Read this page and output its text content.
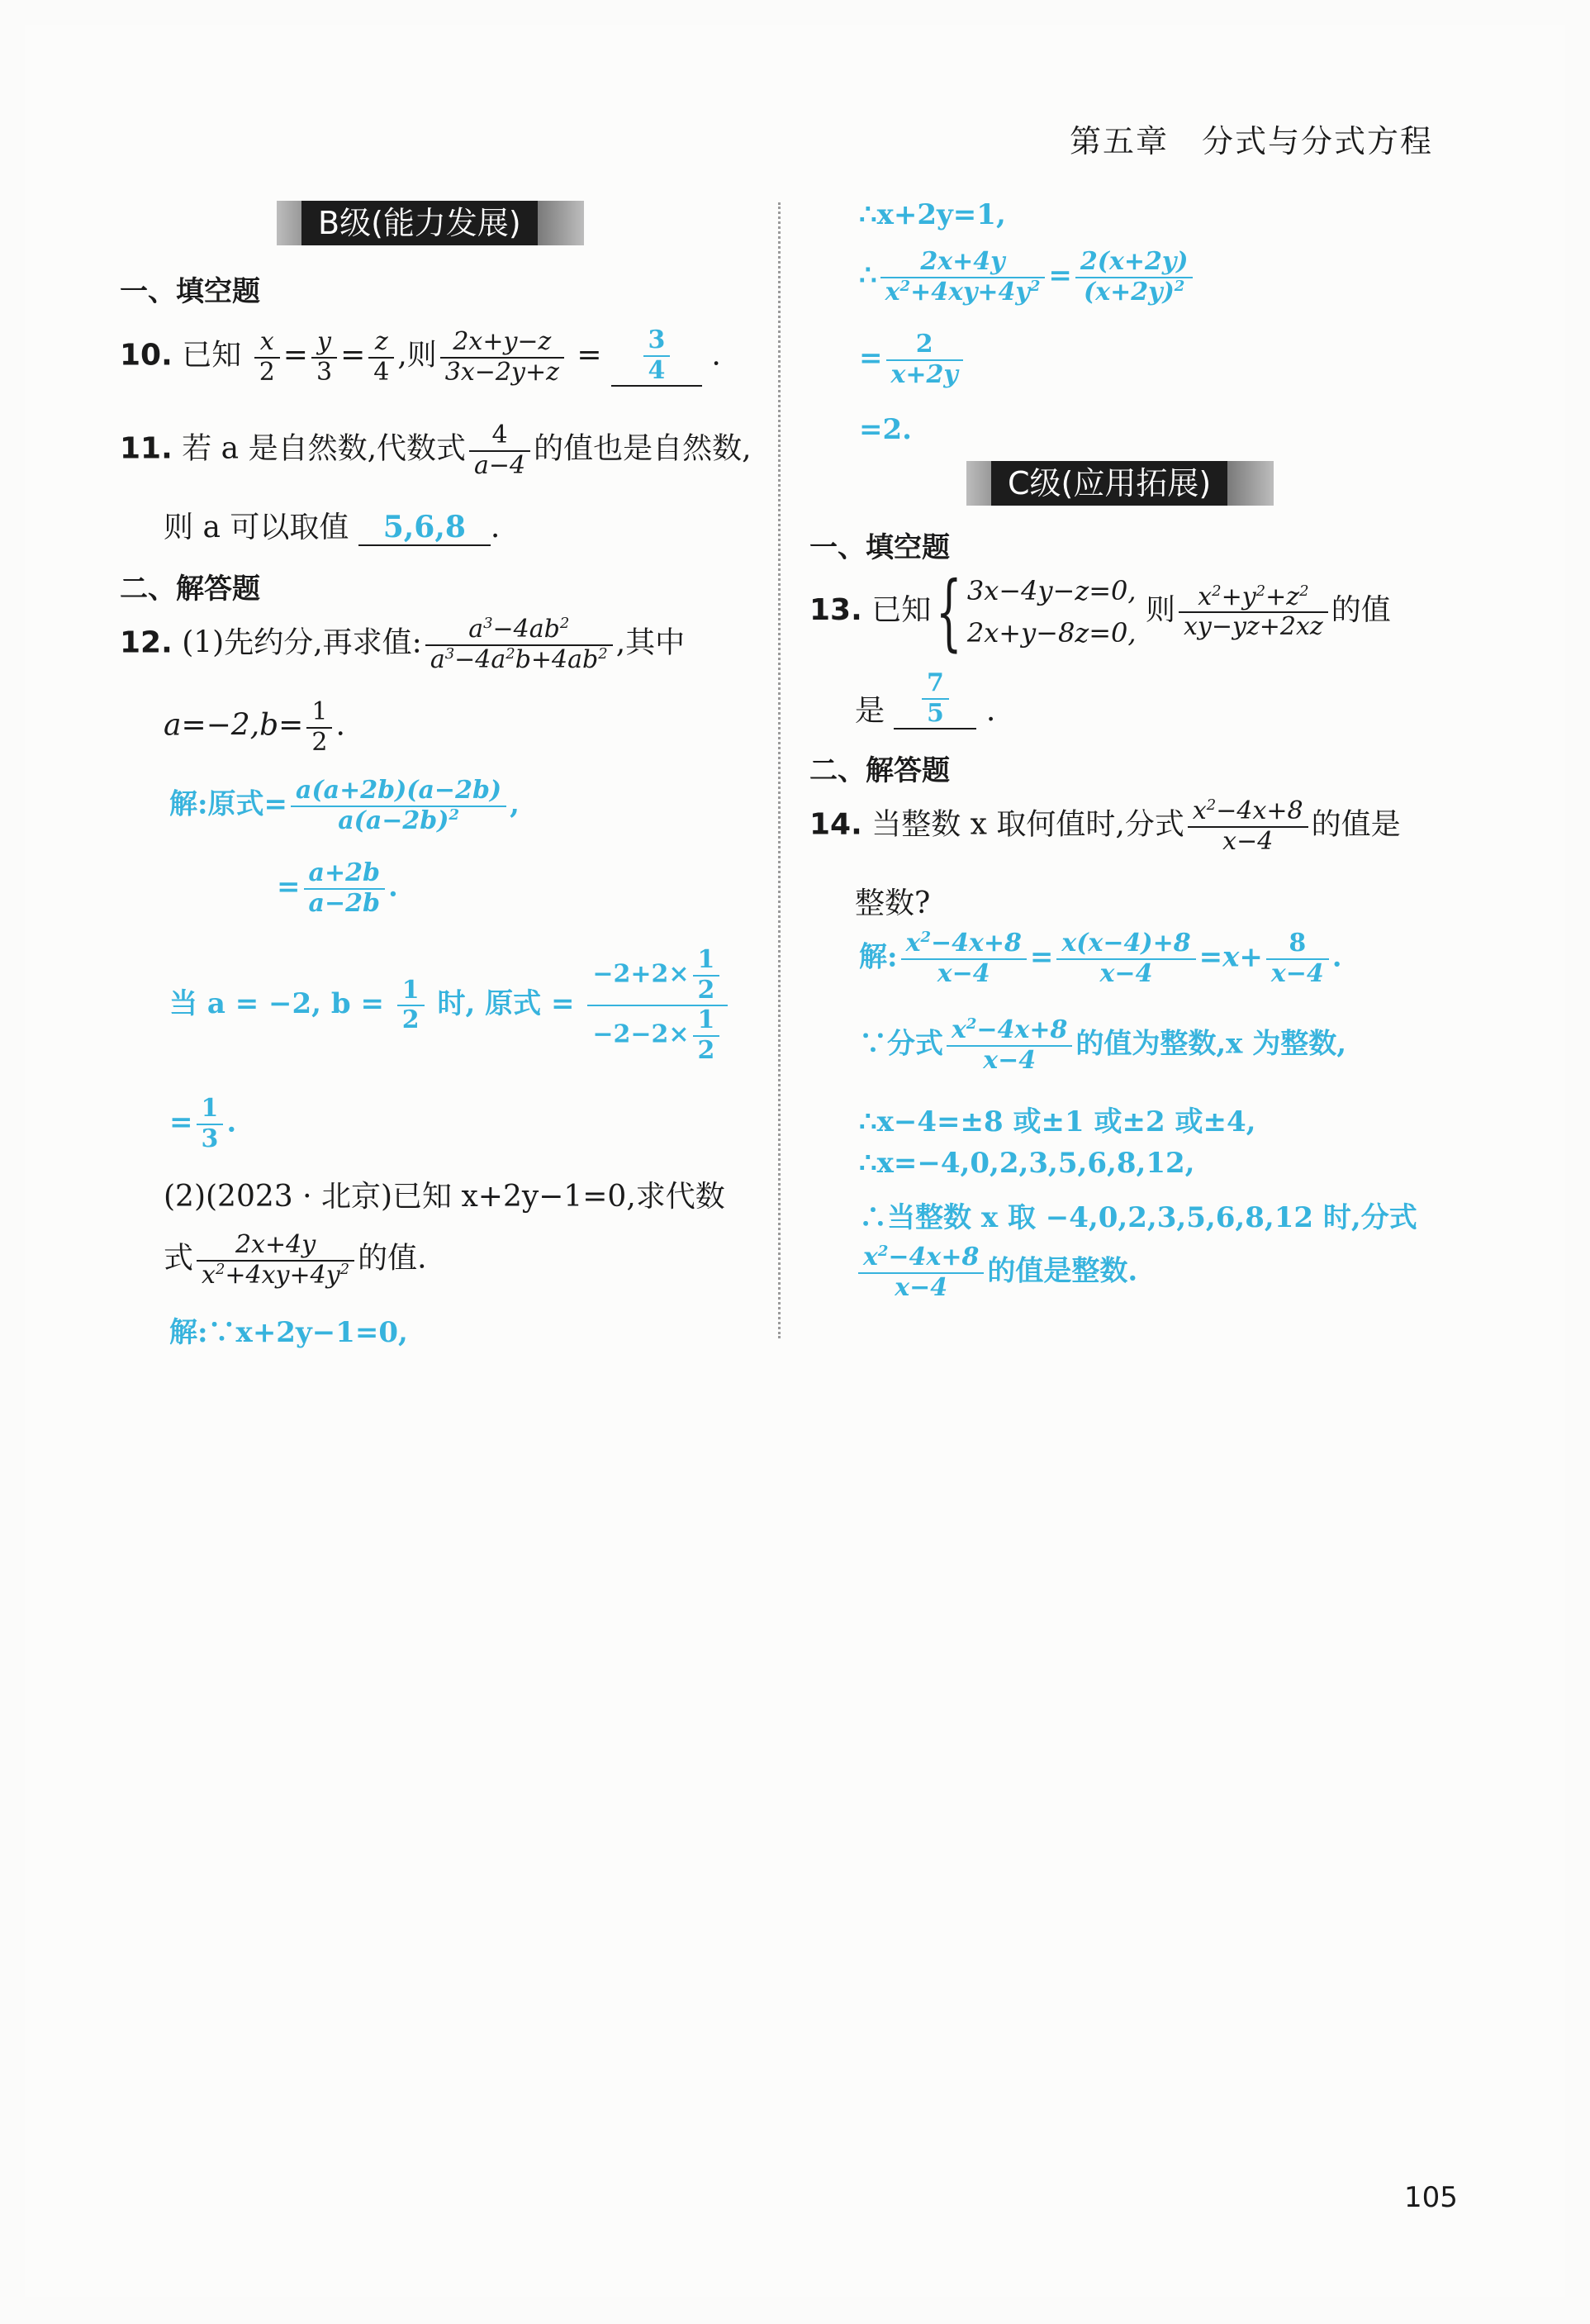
第五章 分式与分式方程
B级(能力发展)
一、填空题
10. 已知 $\frac{x}{2} = \frac{y}{3} = \frac{z}{4}$ ,则 $\frac{2x+y-z}{3x-2y+z} = \frac{3}{4}$ .
11. 若 a 是自然数,代数式 $\frac{4}{a-4}$ 的值也是自然数,
则 a 可以取值 5,6,8 .
二、解答题
12. (1)先约分,再求值: $\frac{a^3-4ab^2}{a^3-4a^2b+4ab^2}$ ,其中
$a=-2,b= \frac{1}{2}$ .
解:原式= $\frac{a(a+2b)(a-2b)}{a(a-2b)^2}$ ,
= $\frac{a+2b}{a-2b}$ .
当 a = −2, $b = \frac{1}{2}$ 时, 原式 = $\frac{-2+2\times \frac{1}{2}}{-2-2\times \frac{1}{2}}$
= $\frac{1}{3}$ .
(2)(2023 · 北京)已知 x+2y−1=0,求代数
式 $\frac{2x+4y}{x^2+4xy+4y^2}$ 的值.
解:∵x+2y−1=0,
∴x+2y=1,
∴ $\frac{2x+4y}{x^2+4xy+4y^2} = \frac{2(x+2y)}{(x+2y)^2}$
= $\frac{2}{x+2y}$
=2.
C级(应用拓展)
一、填空题
13. 已知{ 3x−4y−z=0,
2x+y−8z=0, 则 $\frac{x^2+y^2+z^2}{xy-yz+2xz}$ 的值
是 $\frac{7}{5}$ .
二、解答题
14. 当整数 x 取何值时,分式 $\frac{x^2-4x+8}{x-4}$ 的值是
整数?
解: $\frac{x^2-4x+8}{x-4} = \frac{x(x-4)+8}{x-4} =x+ \frac{8}{x-4}$ .
∵分式 $\frac{x^2-4x+8}{x-4}$ 的值为整数,x 为整数,
∴x−4=±8 或±1 或±2 或±4,
∴x=−4,0,2,3,5,6,8,12,
∴当整数 x 取 −4,0,2,3,5,6,8,12 时,分式
$\frac{x^2-4x+8}{x-4}$ 的值是整数.
105
